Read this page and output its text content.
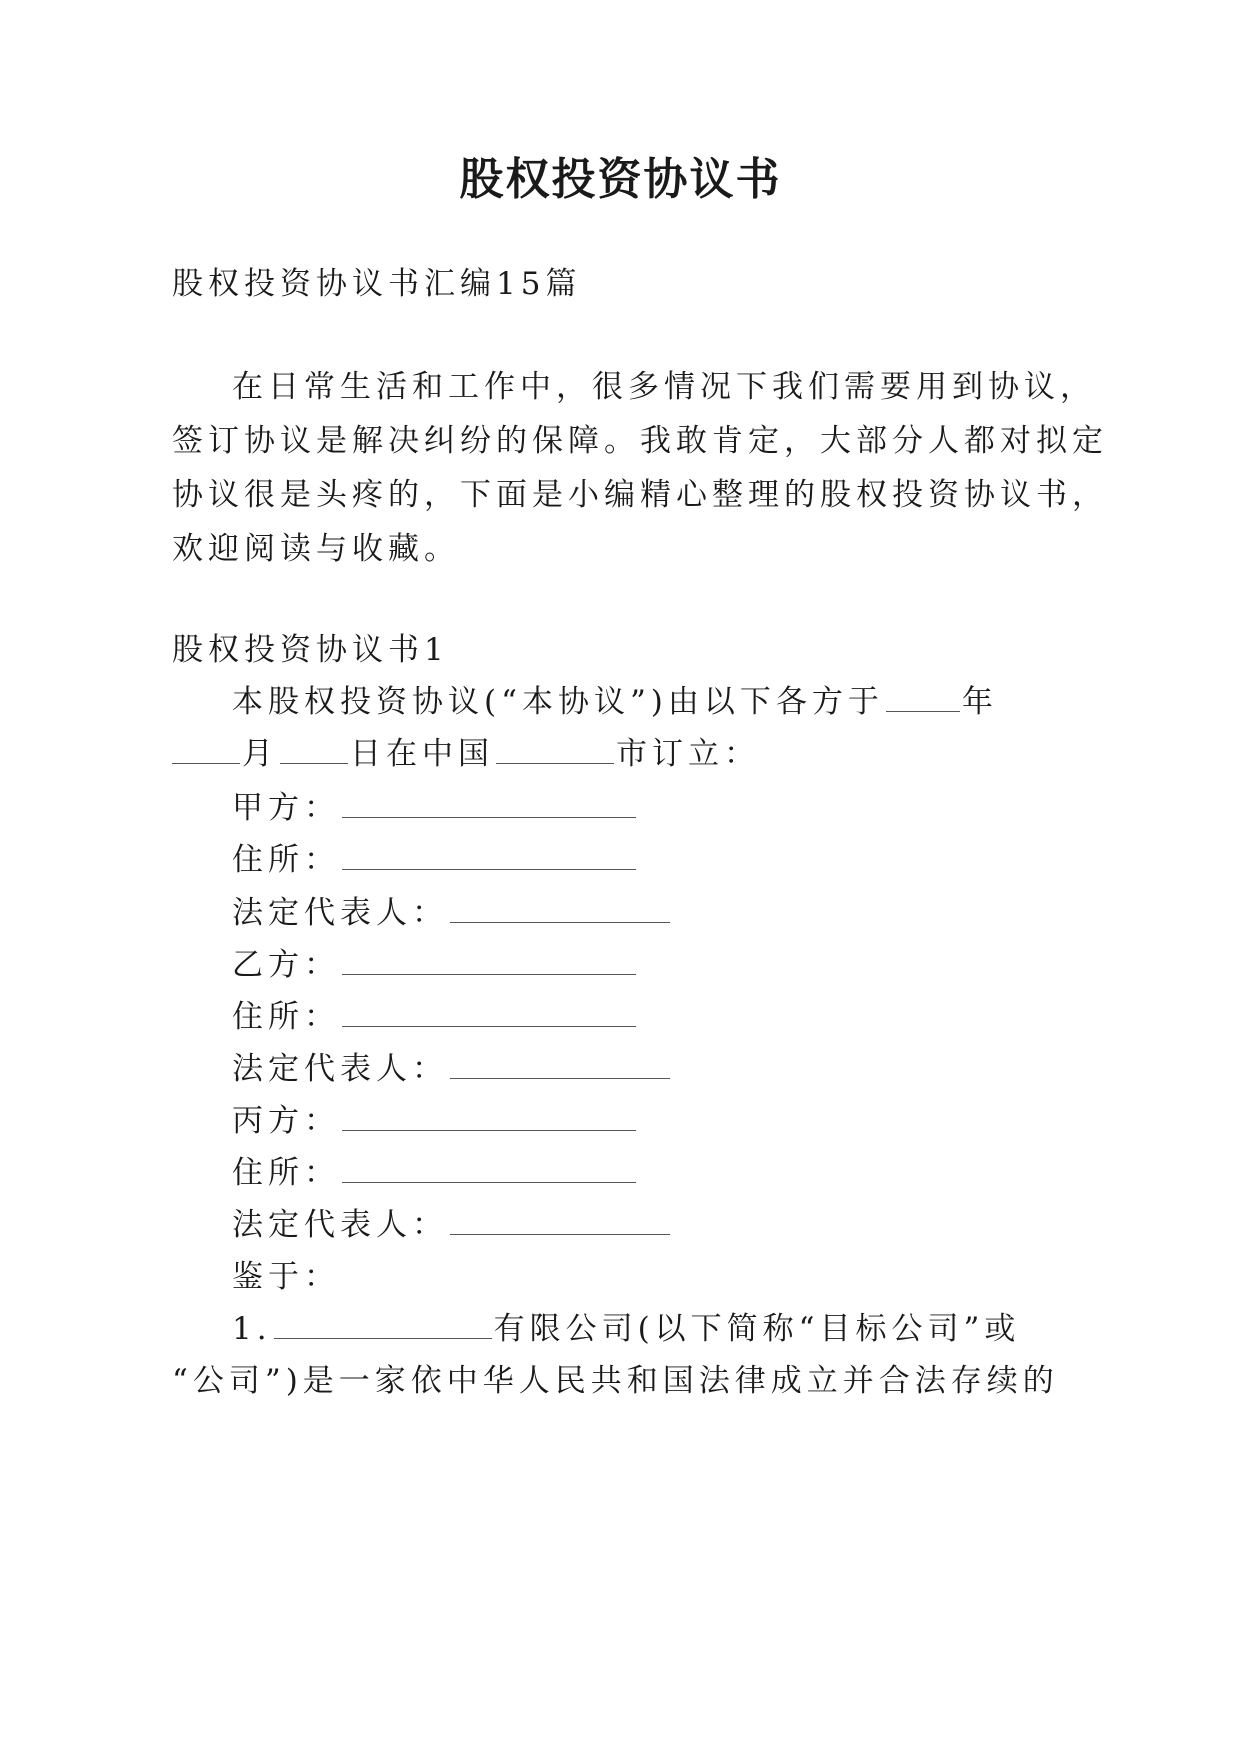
股权投资协议书
股权投资协议书汇编15篇
在日常生活和工作中，很多情况下我们需要用到协议，
签订协议是解决纠纷的保障。我敢肯定，大部分人都对拟定
协议很是头疼的，下面是小编精心整理的股权投资协议书，
欢迎阅读与收藏。
股权投资协议书1
本股权投资协议(“本协议”)由以下各方于	年
月 日在中国	市订立：
甲方：
住所：
法定代表人：
乙方：
住所：
法定代表人：
丙方：
住所：
法定代表人：
鉴于：
1.	有限公司(以下简称“目标公司”或
“公司”)是一家依中华人民共和国法律成立并合法存续的
